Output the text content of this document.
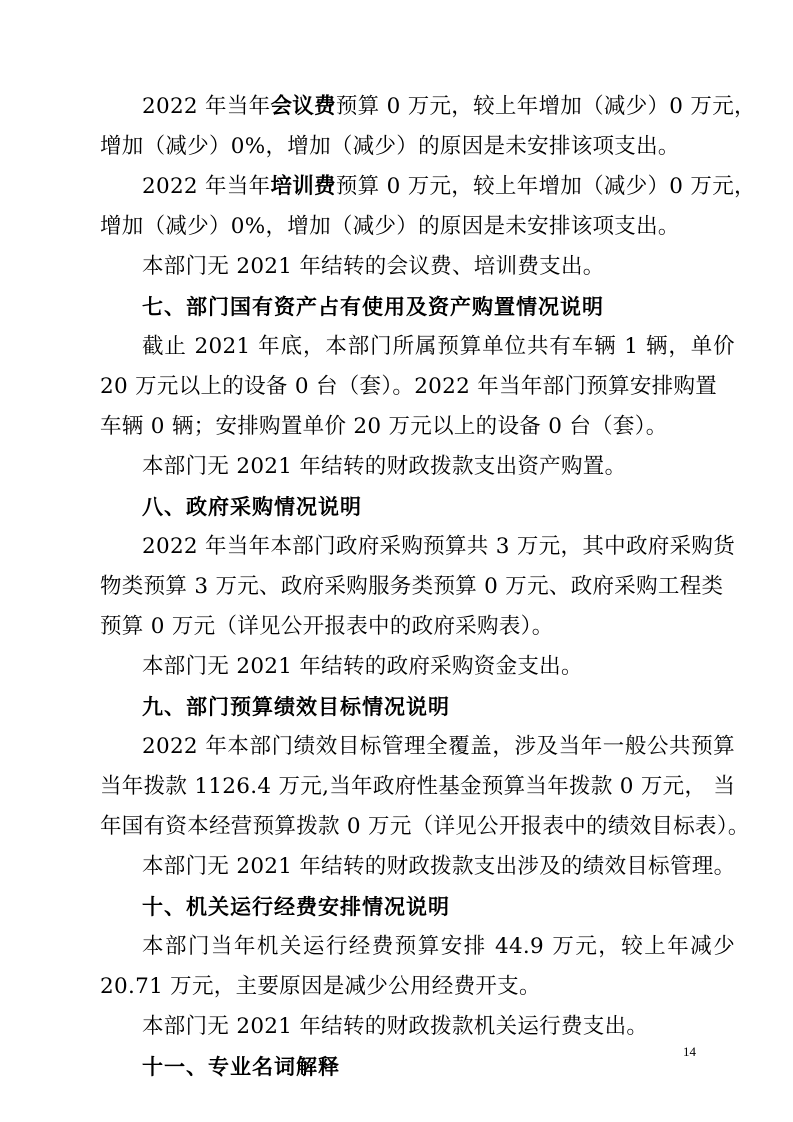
2022 年当年会议费预算 0 万元，较上年增加（减少）0 万元，
增加（减少）0%，增加（减少）的原因是未安排该项支出。
2022 年当年培训费预算 0 万元，较上年增加（减少）0 万元，
增加（减少）0%，增加（减少）的原因是未安排该项支出。
本部门无 2021 年结转的会议费、培训费支出。
七、部门国有资产占有使用及资产购置情况说明
截止 2021 年底，本部门所属预算单位共有车辆 1 辆，单价
20 万元以上的设备 0 台（套）。2022 年当年部门预算安排购置
车辆 0 辆；安排购置单价 20 万元以上的设备 0 台（套）。
本部门无 2021 年结转的财政拨款支出资产购置。
八、政府采购情况说明
2022 年当年本部门政府采购预算共 3 万元，其中政府采购货
物类预算 3 万元、政府采购服务类预算 0 万元、政府采购工程类
预算 0 万元（详见公开报表中的政府采购表）。
本部门无 2021 年结转的政府采购资金支出。
九、部门预算绩效目标情况说明
2022 年本部门绩效目标管理全覆盖，涉及当年一般公共预算
当年拨款 1126.4 万元,当年政府性基金预算当年拨款 0 万元， 当
年国有资本经营预算拨款 0 万元（详见公开报表中的绩效目标表）。
本部门无 2021 年结转的财政拨款支出涉及的绩效目标管理。
十、机关运行经费安排情况说明
本部门当年机关运行经费预算安排 44.9 万元，较上年减少
20.71 万元，主要原因是减少公用经费开支。
本部门无 2021 年结转的财政拨款机关运行费支出。
十一、专业名词解释
14
